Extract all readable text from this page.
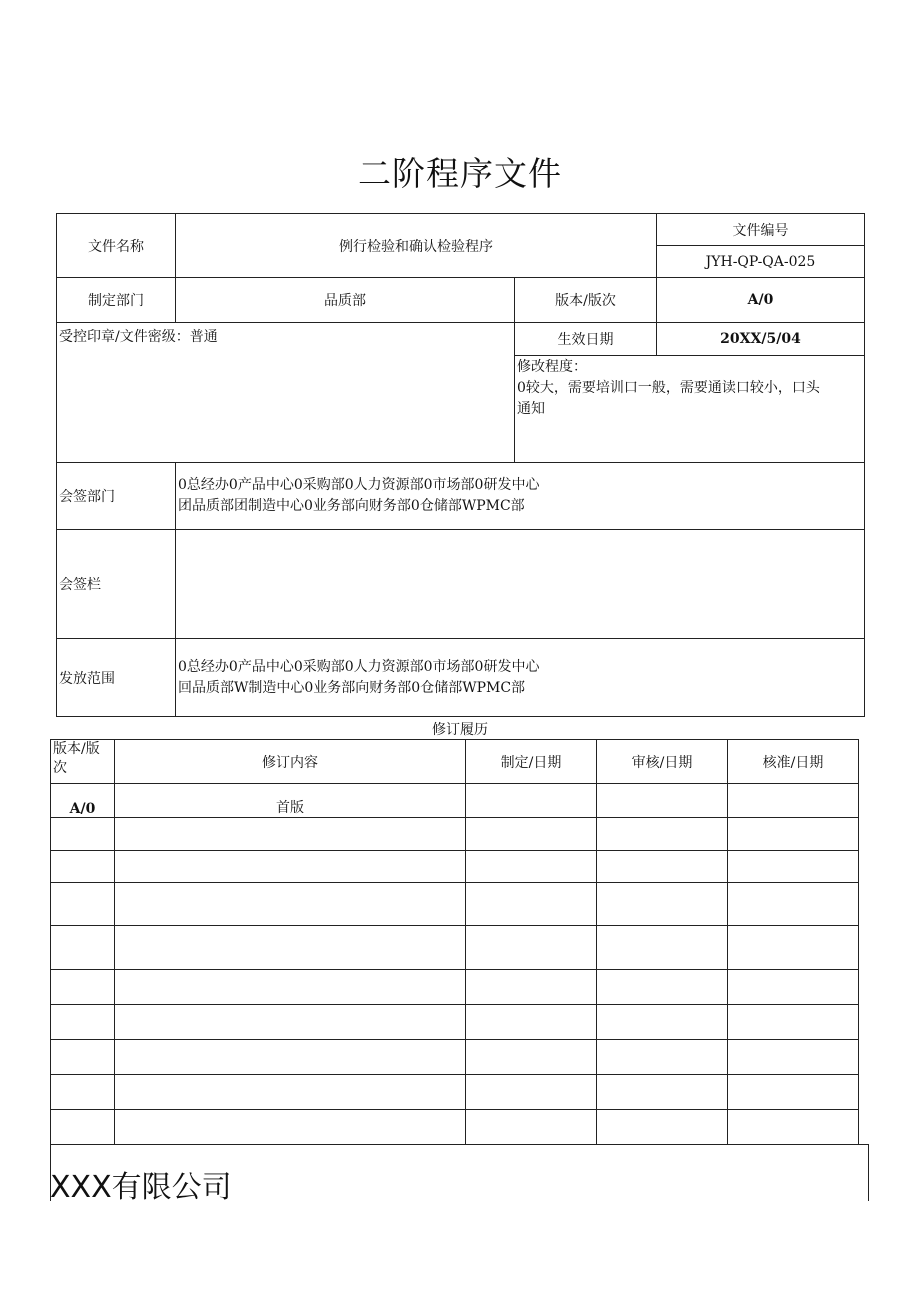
二阶程序文件
文件名称	例行检验和确认检验程序		文件编号
			JYH-QP-QA-025
制定部门	品质部	版本/版次	A/0
受控印章/文件密级：普通		生效日期	20XX/5/04

		修改程度：
0较大，需要培训口一般，需要通读口较小，口头
通知	

会签部门	0总经办0产品中心0采购部0人力资源部0市场部0研发中心
团品质部团制造中心0业务部向财务部0仓储部WPMC部		

会签栏			
发放范围	0总经办0产品中心0采购部0人力资源部0市场部0研发中心
回品质部W制造中心0业务部向财务部0仓储部WPMC部		
修订履历
版本/版次	修订内容	制定/日期	审核/日期	核准/日期
A/0	首版			

XXX有限公司
